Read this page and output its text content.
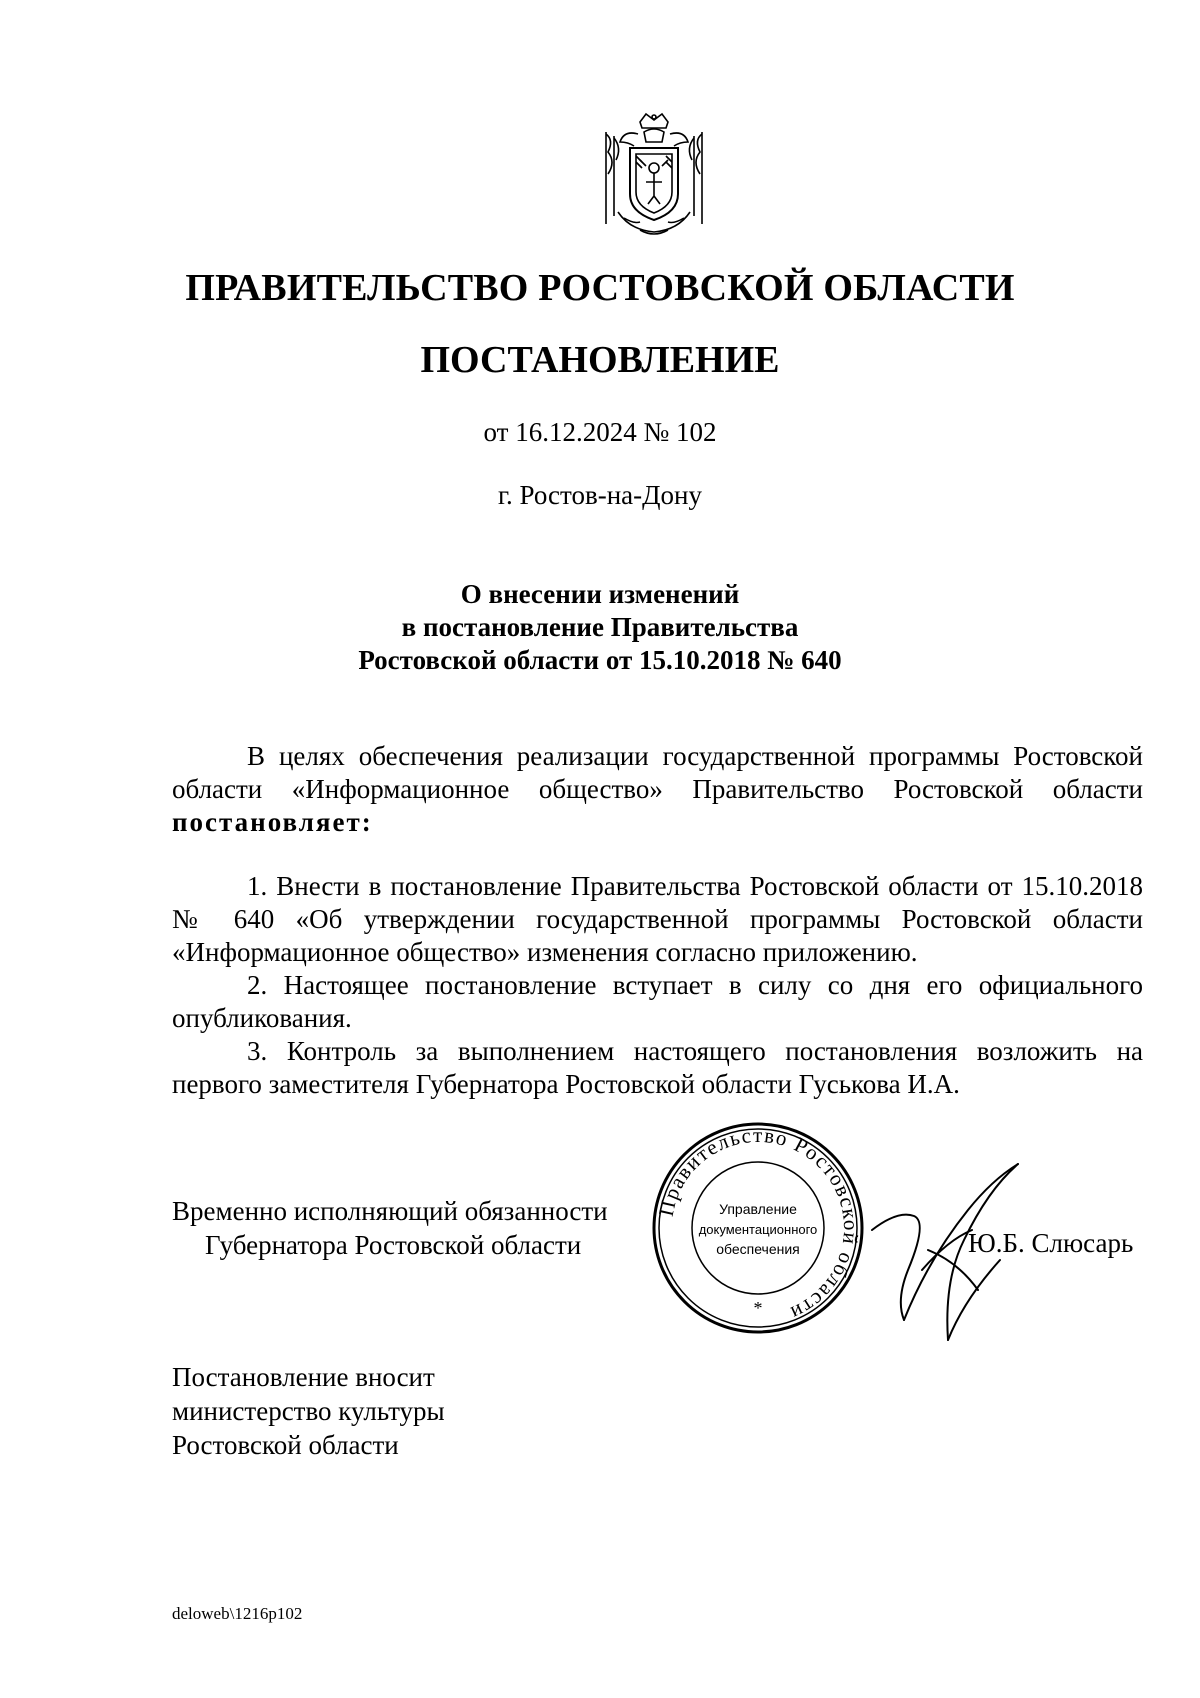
ПРАВИТЕЛЬСТВО РОСТОВСКОЙ ОБЛАСТИ
ПОСТАНОВЛЕНИЕ
от 16.12.2024 № 102
г. Ростов-на-Дону
О внесении изменений
в постановление Правительства
Ростовской области от 15.10.2018 № 640

В целях обеспечения реализации государственной программы Ростовской области «Информационное общество» Правительство Ростовской области постановляет:

1. Внести в постановление Правительства Ростовской области от 15.10.2018 № 640 «Об утверждении государственной программы Ростовской области «Информационное общество» изменения согласно приложению.

2. Настоящее постановление вступает в силу со дня его официального опубликования.

3. Контроль за выполнением настоящего постановления возложить на первого заместителя Губернатора Ростовской области Гуськова И.А.

Временно исполняющий обязанности
Губернатора Ростовской области
Правительство Ростовской области
Управление
документационного
обеспечения
*
Ю.Б. Слюсарь
Постановление вносит
министерство культуры
Ростовской области
deloweb\1216p102
